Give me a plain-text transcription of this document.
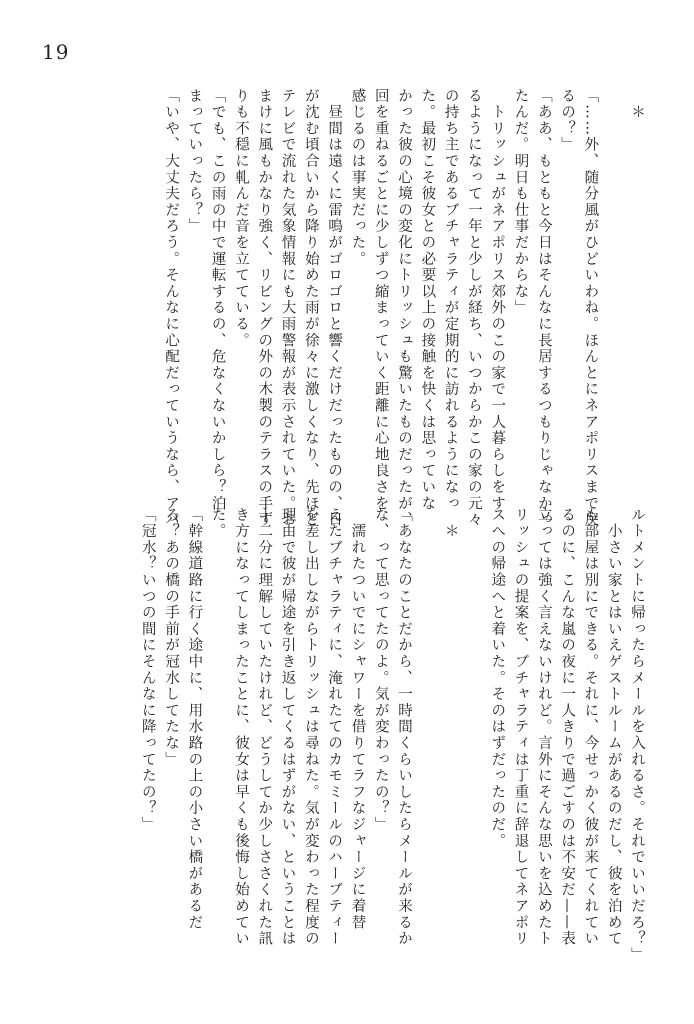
19
　＊

「……外、随分風がひどいわね。ほんとにネアポリスまで戻
るの？」
「ああ、もともと今日はそんなに長居するつもりじゃなかっ
たんだ。明日も仕事だからな」
　トリッシュがネアポリス郊外のこの家で一人暮らしをす
るようになって一年と少しが経ち、いつからかこの家の元々
の持ち主であるブチャラティが定期的に訪れるようになっ
た。最初こそ彼女との必要以上の接触を快くは思っていな
かった彼の心境の変化にトリッシュも驚いたものだったが、
回を重ねるごとに少しずつ縮まっていく距離に心地良さを
感じるのは事実だった。
　昼間は遠くに雷鳴がゴロゴロと響くだけだったものの、日
が沈む頃合いから降り始めた雨が徐々に激しくなり、先ほど
テレビで流れた気象情報にも大雨警報が表示されていた。お
まけに風もかなり強く、リビングの外の木製のテラスの手す
りも不穏に軋んだ音を立てている。
「でも、この雨の中で運転するの、危なくないかしら？泊
まっていったら？」
「いや、大丈夫だろう。そんなに心配だっていうなら、アパ
ルトメントに帰ったらメールを入れるさ。それでいいだろ？」
　小さい家とはいえゲストルームがあるのだし、彼を泊めて
も部屋は別にできる。それに、今せっかく彼が来てくれてい
るのに、こんな嵐の夜に一人きりで過ごすのは不安だ——表
立っては強く言えないけれど。言外にそんな思いを込めたト
リッシュの提案を、ブチャラティは丁重に辞退してネアポリ
スへの帰途へと着いた。そのはずだったのだ。

　＊

「あなたのことだから、一時間くらいしたらメールが来るか
な、って思ってたのよ。気が変わったの？」
　濡れたついでにシャワーを借りてラフなジャージに着替
えたブチャラティに、淹れたてのカモミールのハーブティー
を差し出しながらトリッシュは尋ねた。気が変わった程度の
理由で彼が帰途を引き返してくるはずがない、ということは
十二分に理解していたけれど、どうしてか少しささくれた訊
き方になってしまったことに、彼女は早くも後悔し始めてい
た。
「幹線道路に行く途中に、用水路の上の小さい橋があるだ
ろ？あの橋の手前が冠水してたな」
「冠水？いつの間にそんなに降ってたの？」
